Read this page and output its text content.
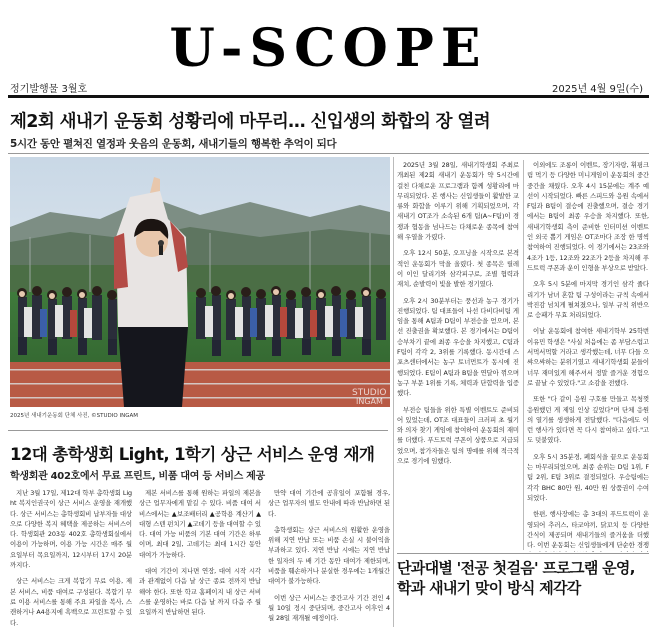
U-SCOPE
정기발행물 3월호	2025년 4월 9일(수)
제2회 새내기 운동회 성황리에 마무리… 신입생의 화합의 장 열려
5시간 동안 펼쳐진 열정과 웃음의 운동회, 새내기들의 행복한 추억이 되다
STUDIO
INGAM
2025년 새내기운동회 단체 사진, ©STUDIO INGAM

2025년 3월 28일, 새내기학생회 주최로 개최된 제2회 새내기 운동회가 약 5시간에 걸친 다채로운 프로그램과 함께 성황리에 마무리되었다. 본 행사는 신입생들이 활발한 교류와 화합을 이루기 위해 기획되었으며, 각 새내기 OT조가 소속된 6개 팀(A~F팀)이 경쟁과 협동을 넘나드는 다채로운 종목에 참여해 우열을 가렸다.

오후 12시 50분, 오프닝을 시작으로 본격적인 운동회가 막을 올렸다. 첫 종목은 릴레이 이인 달리기와 삼각피구로, 조별 협력과 재치, 순발력이 빛을 발한 경기였다.

오후 2시 30분부터는 풍선과 농구 경기가 진행되었다. 팀 대표들이 나선 다비다비팀 게임을 통해 A팀과 D팀이 부전승을 얻으며, 본선 진출권을 확보했다. 본 경기에서는 D팀이 승부차기 끝에 최종 우승을 차지했고, C팀과 F팀이 각각 2, 3위를 기록했다. 동시간대 스포츠센터에서는 농구 토너먼트가 동시에 진행되었다. E팀이 A팀과 B팀을 연달아 꺾으며 농구 부문 1위를 기록, 체력과 단합력을 입증했다.

부전승 팀들을 위한 특별 이벤트도 준비되어 있었는데, OT조 대표들이 크러피 초 월기와 의자 찾기 게임에 참여하여 운동회의 재미를 더했다. 푸드트럭 쿠폰이 상품으로 지급되었으며, 참가자들은 팀의 명예를 위해 적극적으로 경기에 임했다.

이외에도 조롱이 이벤트, 장기자랑, 휘핑크림 먹기 등 다양한 미니게임이 운동회의 중간중간을 채웠다. 오후 4시 15분에는 계주 예선이 시작되었다. 빠른 스피드와 응원 속에서 F팀과 B팀이 결승에 진출했으며, 결승 경기에서는 B팀이 최종 우승을 차지했다. 또한, 새내기학생회 측이 준비한 인터미션 이벤트인 외국 뽑기 게임은 OT조마다 조장 한 명씩 참여하여 진행되었다. 이 경기에서는 23조와 4조가 1등, 12조와 22조가 2등을 차지해 푸드트럭 쿠폰과 운이 인형을 부상으로 받았다.

오후 5시 5분에 마지막 경기인 삼각 줄다리기가 남녀 혼합 팀 구성이라는 규칙 속에서 박진감 넘치게 펼쳐졌으나, 일부 규칙 위반으로 승패가 무효 처리되었다.

이날 운동회에 참여한 새내기학부 25학번 이유민 학생은 "사실 처음에는 좀 부담스럽고 서먹서먹할 거라고 생각했는데, 너무 다들 으쌰으쌰하는 분위기였고 새내기학생회 분들이 너무 재미있게 해주셔서 정말 즐거운 경험으로 끝날 수 있었다."고 소감을 전했다.

또한 "다 같이 응원 구호를 만들고 목청껏 응원했던 게 제일 인상 깊었다"며 단체 응원의 열기를 생생하게 전달했다. "다음에도 이런 행사가 있다면 꼭 다시 참여하고 싶다."고도 덧붙였다.

오후 5시 35분경, 폐회식을 끝으로 운동회는 마무리되었으며, 최종 순위는 D팀 1위, F팀 2위, E팀 3위로 결정되었다. 우승팀에는 각각 BHC 80만 원, 40만 원 상품권이 수여되었다.

한편, 행사장에는 총 3대의 푸드트럭이 운영되어 추러스, 타코야끼, 닭꼬치 등 다양한 간식이 제공되며 새내기들의 즐거움을 더했다. 이번 운동회는 신입생들에게 단순한 경쟁

12대 총학생회 Light, 1학기 상근 서비스 운영 재개
학생회관 402호에서 무료 프린트, 비품 대여 등 서비스 제공

지난 3월 17일, 제12대 학부 총학생회 Light 복지인권국이 상근 서비스 운영을 재개했다. 상근 서비스는 총학생회비 납부자들 대상으로 다양한 복지 혜택을 제공하는 서비스이다. 학생회관 203동 402호 총학생회실에서 이용이 가능하며, 이용 가능 시간은 매주 월요일부터 목요일까지, 12시부터 17시 20분까지다.

상근 서비스는 크게 복합기 무료 이용, 제본 서비스, 비품 대여로 구성된다. 복합기 무료 이용 서비스를 통해 주요 파일을 복사, 스캔하거나 A4용지에 흑백으로 프린트할 수 있다.

제본 서비스를 통해 원하는 파일의 제본을 상근 업무자에게 맡길 수 있다. 비품 대여 서비스에서는 ▲보조배터리 ▲공학용 계산기 ▲대형 스텐 펀치기 ▲고데기 등을 대여할 수 있다. 대여 가능 비품의 기본 대여 기간은 하루이며, 최대 2일, 고데기는 최대 1시간 동안 대여가 가능하다.

대여 기간이 지나면 연장, 대여 시작 시각과 관계없이 다음 날 상근 종료 전까지 반납해야 한다. 또한 학교 홈페이지 내 상근 서비스를 운영하는 바로 다음 날 까지 다음 주 월요일까지 반납하면 된다.

만약 대여 기간에 공휴일이 포함될 경우, 상근 업무자의 별도 안내에 따라 반납하면 된다.

총학생회는 상근 서비스의 원활한 운영을 위해 지연 반납 또는 비품 손실 시 불이익을 부과하고 있다. 지연 반납 시에는 지연 반납한 일자의 두 배 기간 동안 대여가 제한되며, 비품을 훼손하거나 분실한 경우에는 1개월간 대여가 불가능하다.

이번 상근 서비스는 중간고사 기간 전인 4월 10일 정시 중단되며, 중간고사 이후인 4월 28일 재개될 예정이다.

단과대별 '전공 첫걸음' 프로그램 운영, 학과 새내기 맞이 방식 제각각
